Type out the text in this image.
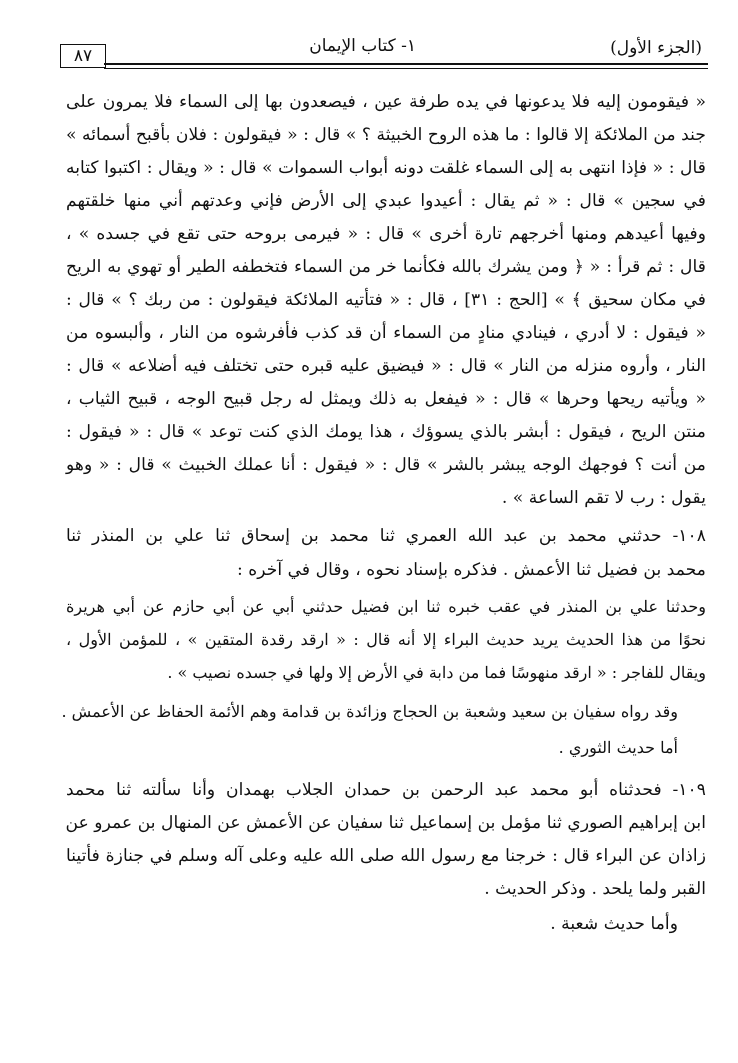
(الجزء الأول)
١- كتاب الإيمان
٨٧
« فيقومون إليه فلا يدعونها في يده طرفة عين ، فيصعدون بها إلى السماء فلا يمرون على
جند من الملائكة إلا قالوا : ما هذه الروح الخبيثة ؟ » قال : « فيقولون : فلان بأقبح أسمائه »
قال : « فإذا انتهى به إلى السماء غلقت دونه أبواب السموات » قال : « ويقال : اكتبوا كتابه
في سجين » قال : « ثم يقال : أعيدوا عبدي إلى الأرض فإني وعدتهم أني منها خلقتهم
وفيها أعيدهم ومنها أخرجهم تارة أخرى » قال : « فيرمى بروحه حتى تقع في جسده » ،
قال : ثم قرأ : « ﴿ ومن يشرك بالله فكأنما خر من السماء فتخطفه الطير أو تهوي به الريح
في مكان سحيق ﴾ » [الحج : ٣١] ، قال : « فتأتيه الملائكة فيقولون : من ربك ؟ » قال :
« فيقول : لا أدري ، فينادي منادٍ من السماء أن قد كذب فأفرشوه من النار ، وألبسوه من
النار ، وأروه منزله من النار » قال : « فيضيق عليه قبره حتى تختلف فيه أضلاعه » قال :
« ويأتيه ريحها وحرها » قال : « فيفعل به ذلك ويمثل له رجل قبيح الوجه ، قبيح الثياب ،
منتن الريح ، فيقول : أبشر بالذي يسوؤك ، هذا يومك الذي كنت توعد » قال : « فيقول :
من أنت ؟ فوجهك الوجه يبشر بالشر » قال : « فيقول : أنا عملك الخبيث » قال : « وهو
يقول : رب لا تقم الساعة » .
١٠٨- حدثني محمد بن عبد الله العمري ثنا محمد بن إسحاق ثنا علي بن المنذر ثنا
محمد بن فضيل ثنا الأعمش . فذكره بإسناد نحوه ، وقال في آخره :
وحدثنا علي بن المنذر في عقب خبره ثنا ابن فضيل حدثني أبي عن أبي حازم عن أبي هريرة
نحوًا من هذا الحديث يريد حديث البراء إلا أنه قال : « ارقد رقدة المتقين » ، للمؤمن الأول ،
ويقال للفاجر : « ارقد منهوسًا فما من دابة في الأرض إلا ولها في جسده نصيب » .
وقد رواه سفيان بن سعيد وشعبة بن الحجاج وزائدة بن قدامة وهم الأئمة الحفاظ عن الأعمش .
أما حديث الثوري .
١٠٩- فحدثناه أبو محمد عبد الرحمن بن حمدان الجلاب بهمدان وأنا سألته ثنا محمد
ابن إبراهيم الصوري ثنا مؤمل بن إسماعيل ثنا سفيان عن الأعمش عن المنهال بن عمرو عن
زاذان عن البراء قال : خرجنا مع رسول الله صلى الله عليه وعلى آله وسلم في جنازة فأتينا
القبر ولما يلحد . وذكر الحديث .
وأما حديث شعبة .
